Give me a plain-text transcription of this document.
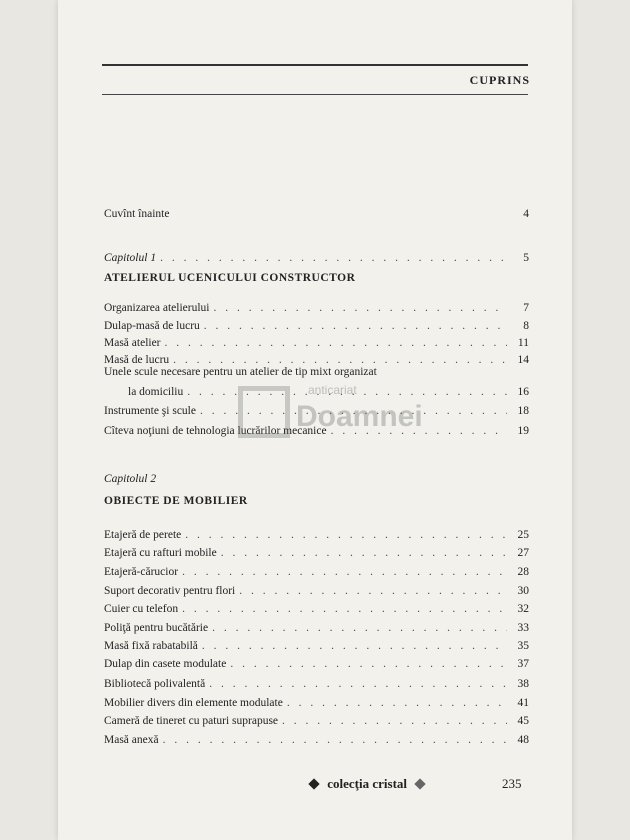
CUPRINS
Cuvînt înainte	4
Capitolul 1 . . .	5
ATELIERUL UCENICULUI CONSTRUCTOR
Organizarea atelierului . . .	7
Dulap-masă de lucru . . .	8
Masă atelier . . .	11
Masă de lucru . . .	14
Unele scule necesare pentru un atelier de tip mixt organizat
la domiciliu . . .	16
Instrumente şi scule . . .	18
Cîteva noţiuni de tehnologia lucrărilor mecanice . . .	19
Capitolul 2
OBIECTE DE MOBILIER
Etajeră de perete . . .	25
Etajeră cu rafturi mobile . . .	27
Etajeră-cărucior . . .	28
Suport decorativ pentru flori . . .	30
Cuier cu telefon . . .	32
Poliţă pentru bucătărie . . .	33
Masă fixă rabatabilă . . .	35
Dulap din casete modulate . . .	37
Bibliotecă polivalentă . . .	38
Mobilier divers din elemente modulate . . .	41
Cameră de tineret cu paturi suprapuse . . .	45
Masă anexă . . .	48
anticariat
Doamnei
colecţia cristal	235
